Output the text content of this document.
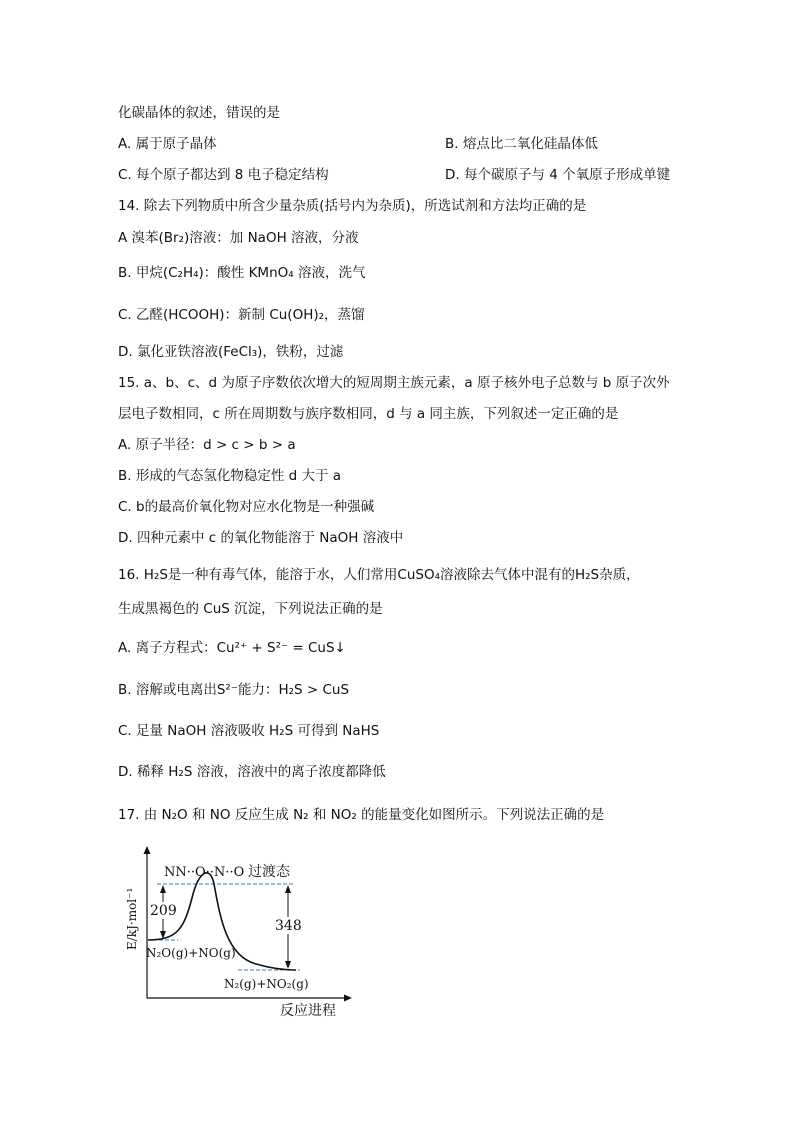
化碳晶体的叙述，错误的是
A. 属于原子晶体	B. 熔点比二氧化硅晶体低
C. 每个原子都达到 8 电子稳定结构	D. 每个碳原子与 4 个氧原子形成单键
14. 除去下列物质中所含少量杂质(括号内为杂质)，所选试剂和方法均正确的是
A 溴苯(Br₂)溶液：加 NaOH 溶液，分液
B. 甲烷(C₂H₄)：酸性 KMnO₄ 溶液，洗气
C. 乙醛(HCOOH)：新制 Cu(OH)₂，蒸馏
D. 氯化亚铁溶液(FeCl₃)，铁粉，过滤
15. a、b、c、d 为原子序数依次增大的短周期主族元素，a 原子核外电子总数与 b 原子次外
层电子数相同，c 所在周期数与族序数相同，d 与 a 同主族，下列叙述一定正确的是
A. 原子半径：d > c > b > a
B. 形成的气态氢化物稳定性 d 大于 a
C. b的最高价氧化物对应水化物是一种强碱
D. 四种元素中 c 的氧化物能溶于 NaOH 溶液中
16. H₂S是一种有毒气体，能溶于水，人们常用CuSO₄溶液除去气体中混有的H₂S杂质，
生成黑褐色的 CuS 沉淀，下列说法正确的是
A. 离子方程式：Cu²⁺ + S²⁻ = CuS↓
B. 溶解或电离出S²⁻能力：H₂S > CuS
C. 足量 NaOH 溶液吸收 H₂S 可得到 NaHS
D. 稀释 H₂S 溶液，溶液中的离子浓度都降低
17. 由 N₂O 和 NO 反应生成 N₂ 和 NO₂ 的能量变化如图所示。下列说法正确的是
209
348
过渡态
NN··O··N··O
N₂O(g)+NO(g)
N₂(g)+NO₂(g)
反应进程
E/kJ·mol⁻¹
